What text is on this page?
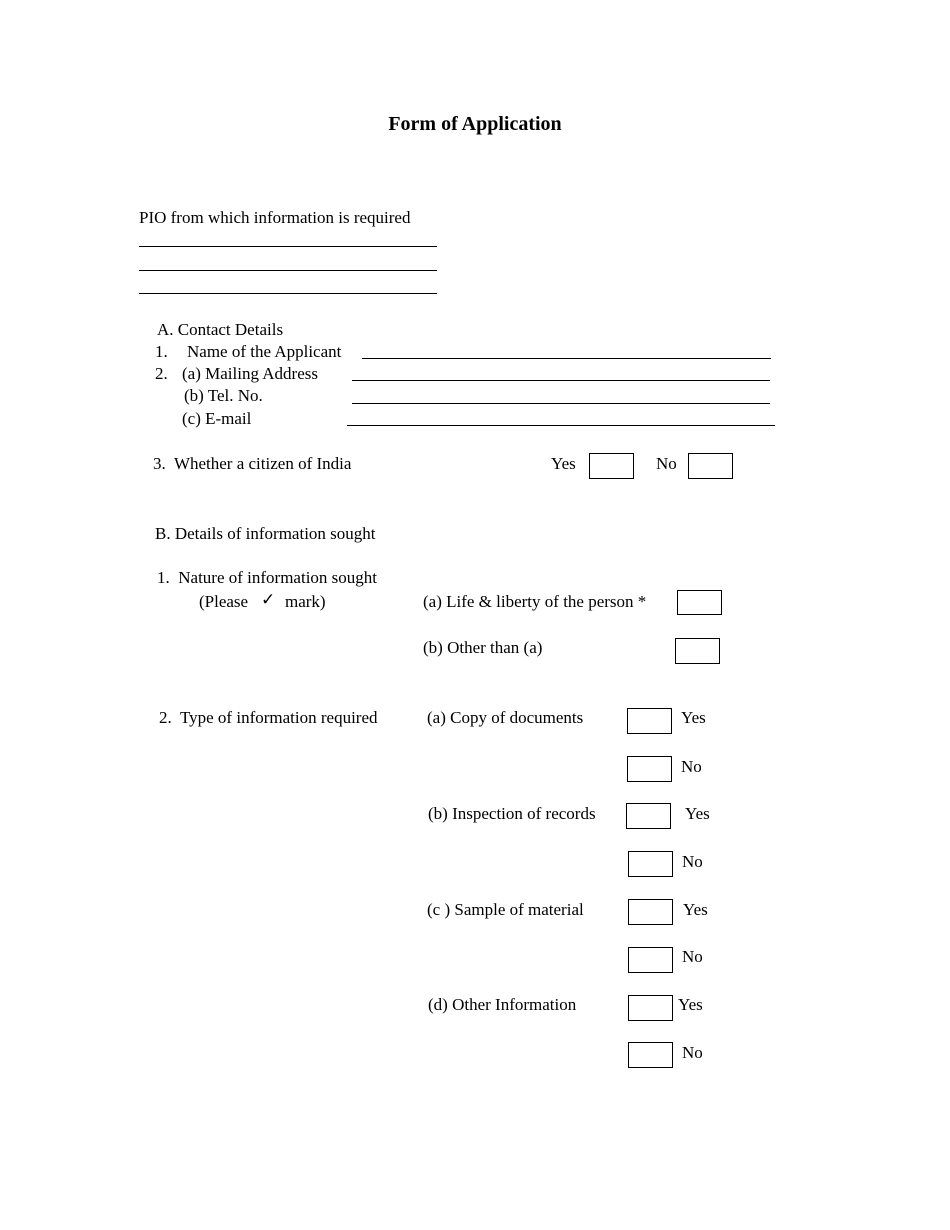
Form of Application
PIO from which information is required
A. Contact Details
1. Name of the Applicant
2. (a) Mailing Address
(b) Tel. No.
(c) E-mail
3.  Whether a citizen of India	Yes	No
B. Details of information sought
1.  Nature of information sought
(Please ✓ mark)	(a) Life & liberty of the person *
(b) Other than (a)
2.  Type of information required	(a) Copy of documents	Yes
No
(b) Inspection of records	Yes
No
(c ) Sample of material	Yes
No
(d) Other Information	Yes
No
